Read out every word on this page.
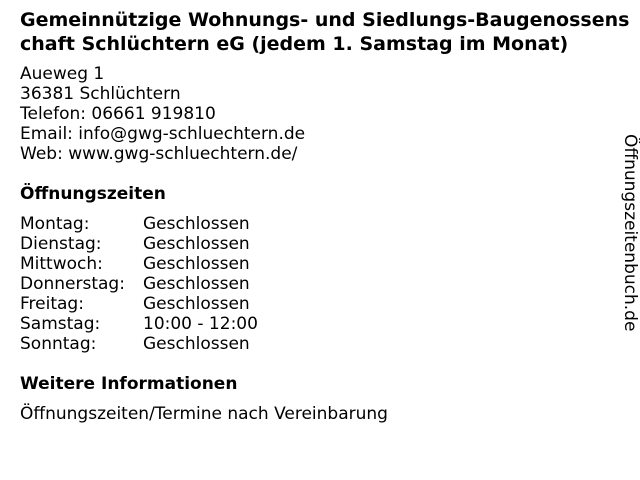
Gemeinnützige Wohnungs- und Siedlungs-Baugenossenschaft Schlüchtern eG (jedem 1. Samstag im Monat)
Aueweg 1
36381 Schlüchtern
Telefon: 06661 919810
Email: info@gwg-schluechtern.de
Web: www.gwg-schluechtern.de/
Öffnungszeiten
Montag:	Geschlossen
Dienstag:	Geschlossen
Mittwoch:	Geschlossen
Donnerstag:	Geschlossen
Freitag:	Geschlossen
Samstag:	10:00 - 12:00
Sonntag:	Geschlossen
Weitere Informationen
Öffnungszeiten/Termine nach Vereinbarung
Öffnungszeitenbuch.de
